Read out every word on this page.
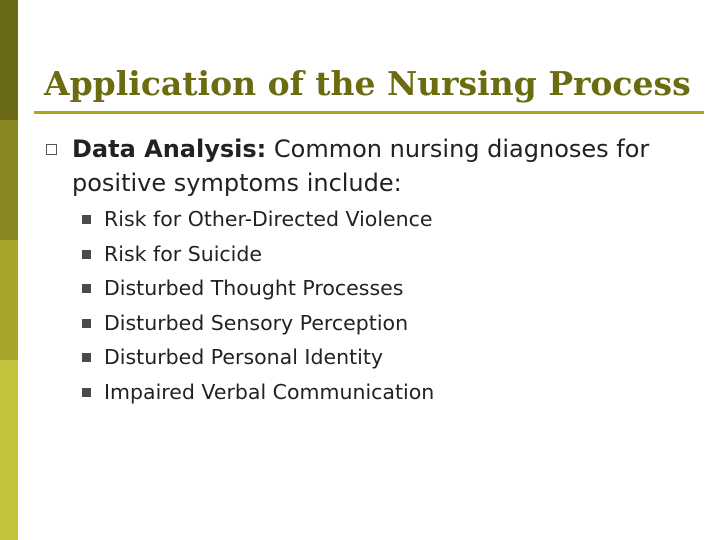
Application of the Nursing Process
Data Analysis: Common nursing diagnoses for positive symptoms include:
Risk for Other-Directed Violence
Risk for Suicide
Disturbed Thought Processes
Disturbed Sensory Perception
Disturbed Personal Identity
Impaired Verbal Communication
